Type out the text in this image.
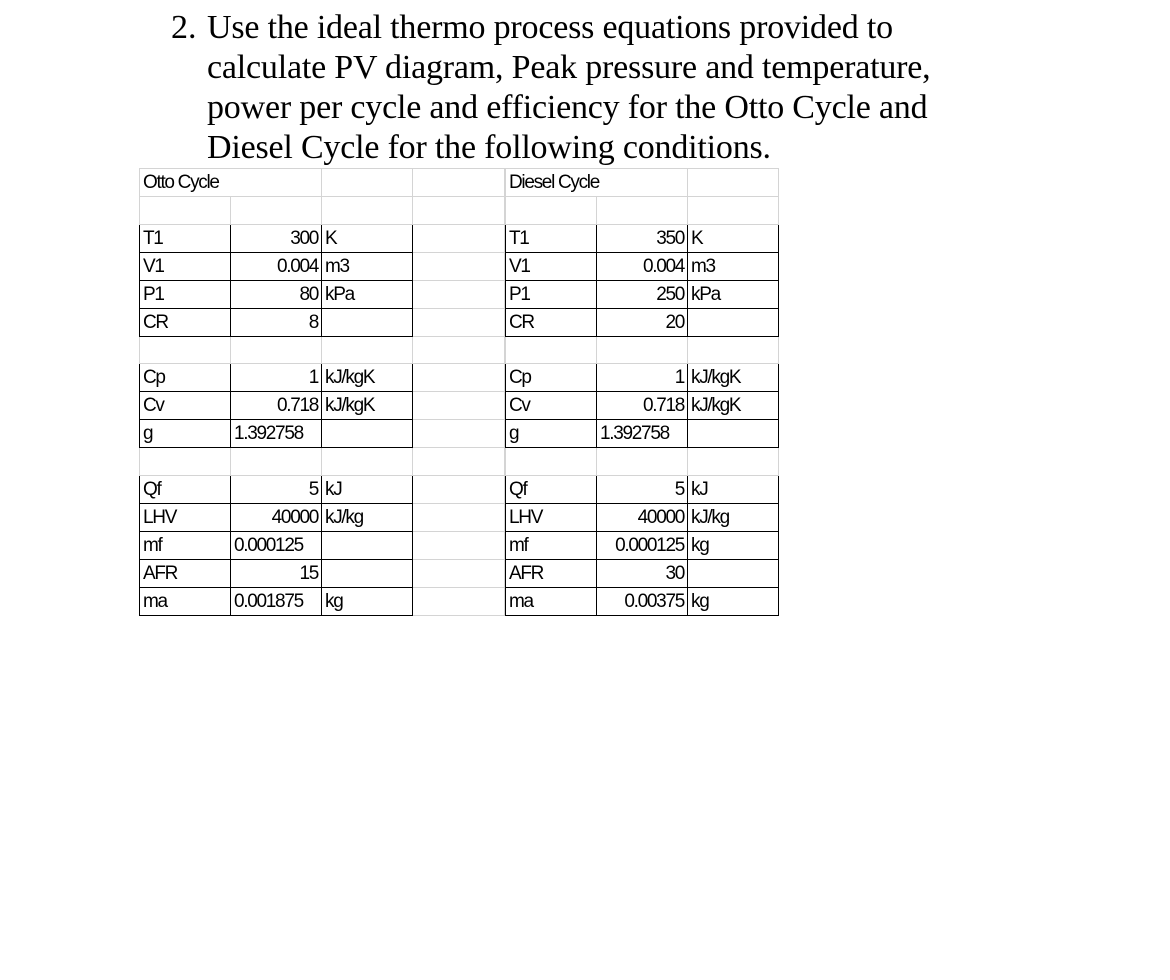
2. Use the ideal thermo process equations provided to
calculate PV diagram, Peak pressure and temperature,
power per cycle and efficiency for the Otto Cycle and
Diesel Cycle for the following conditions.
Otto Cycle			

T1	300	K	
V1	0.004	m3	
P1	80	kPa	
CR	8		

Cp	1	kJ/kgK	
Cv	0.718	kJ/kgK	
g	1.392758		

Qf	5	kJ	
LHV	40000	kJ/kg	
mf	0.000125		
AFR	15		
ma	0.001875	kg	
Diesel Cycle		

T1	350	K
V1	0.004	m3
P1	250	kPa
CR	20	

Cp	1	kJ/kgK
Cv	0.718	kJ/kgK
g	1.392758	

Qf	5	kJ
LHV	40000	kJ/kg
mf	0.000125	kg
AFR	30	
ma	0.00375	kg
